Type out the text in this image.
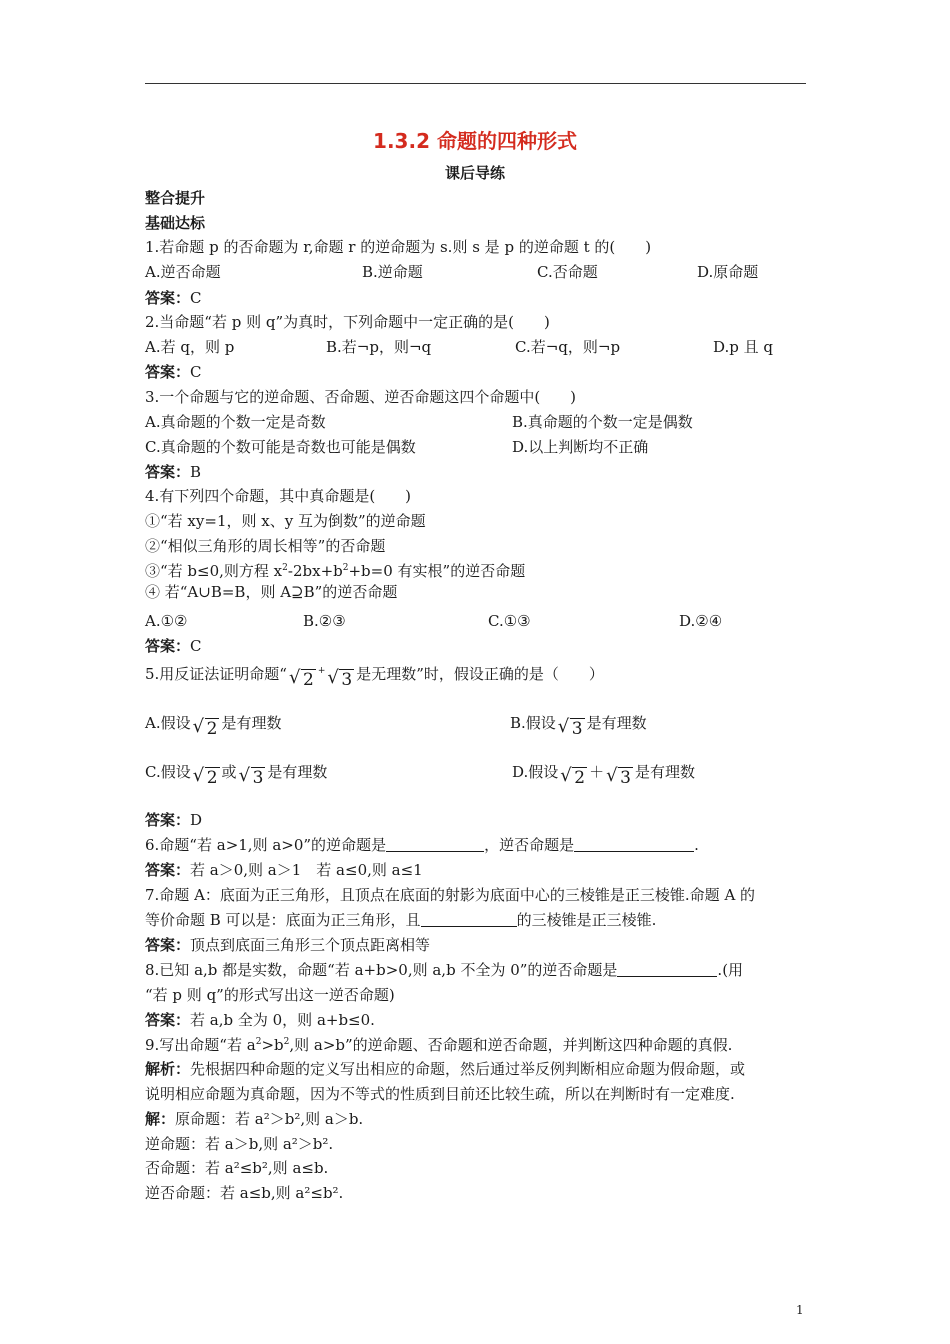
1.3.2 命题的四种形式
课后导练
整合提升
基础达标
1.若命题 p 的否命题为 r,命题 r 的逆命题为 s.则 s 是 p 的逆命题 t 的(　　)
A.逆否命题	B.逆命题	C.否命题	D.原命题
答案：C
2.当命题“若 p 则 q”为真时，下列命题中一定正确的是(　　)
A.若 q，则 p	B.若¬p，则¬q	C.若¬q，则¬p	D.p 且 q
答案：C
3.一个命题与它的逆命题、否命题、逆否命题这四个命题中(　　)
A.真命题的个数一定是奇数	B.真命题的个数一定是偶数
C.真命题的个数可能是奇数也可能是偶数	D.以上判断均不正确
答案：B
4.有下列四个命题，其中真命题是(　　)
①“若 xy=1，则 x、y 互为倒数”的逆命题
②“相似三角形的周长相等”的否命题
③“若 b≤0,则方程 $x^2-2bx+b^2+b=0$ 有实根”的逆否命题
④ 若“A∪B=B，则 A⊇B”的逆否命题
A.①②	B.②③	C.①③	D.②④
答案：C
5.用反证法证明命题“ √ 2 + √ 3 是无理数”时，假设正确的是（　　）
A.假设 √ 2 是有理数	B.假设 √ 3 是有理数
C.假设 √ 2 或 √ 3 是有理数	D.假设 √ 2 ＋ √ 3 是有理数
答案：D
6.命题“若 a>1,则 a>0”的逆命题是	，逆否命题是	.
答案：若 a＞0,则 a＞1　若 a≤0,则 a≤1
7.命题 A：底面为正三角形，且顶点在底面的射影为底面中心的三棱锥是正三棱锥.命题 A 的
等价命题 B 可以是：底面为正三角形，且	的三棱锥是正三棱锥.
答案：顶点到底面三角形三个顶点距离相等
8.已知 a,b 都是实数，命题“若 a+b>0,则 a,b 不全为 0”的逆否命题是	.(用
“若 p 则 q”的形式写出这一逆否命题)
答案：若 a,b 全为 0，则 a+b≤0.
9.写出命题“若 $a^2>b^2$,则 a>b”的逆命题、否命题和逆否命题，并判断这四种命题的真假.
解析：先根据四种命题的定义写出相应的命题，然后通过举反例判断相应命题为假命题，或
说明相应命题为真命题，因为不等式的性质到目前还比较生疏，所以在判断时有一定难度.
解：原命题：若 a²＞b²,则 a＞b.
逆命题：若 a＞b,则 a²＞b².
否命题：若 a²≤b²,则 a≤b.
逆否命题：若 a≤b,则 a²≤b².
1
